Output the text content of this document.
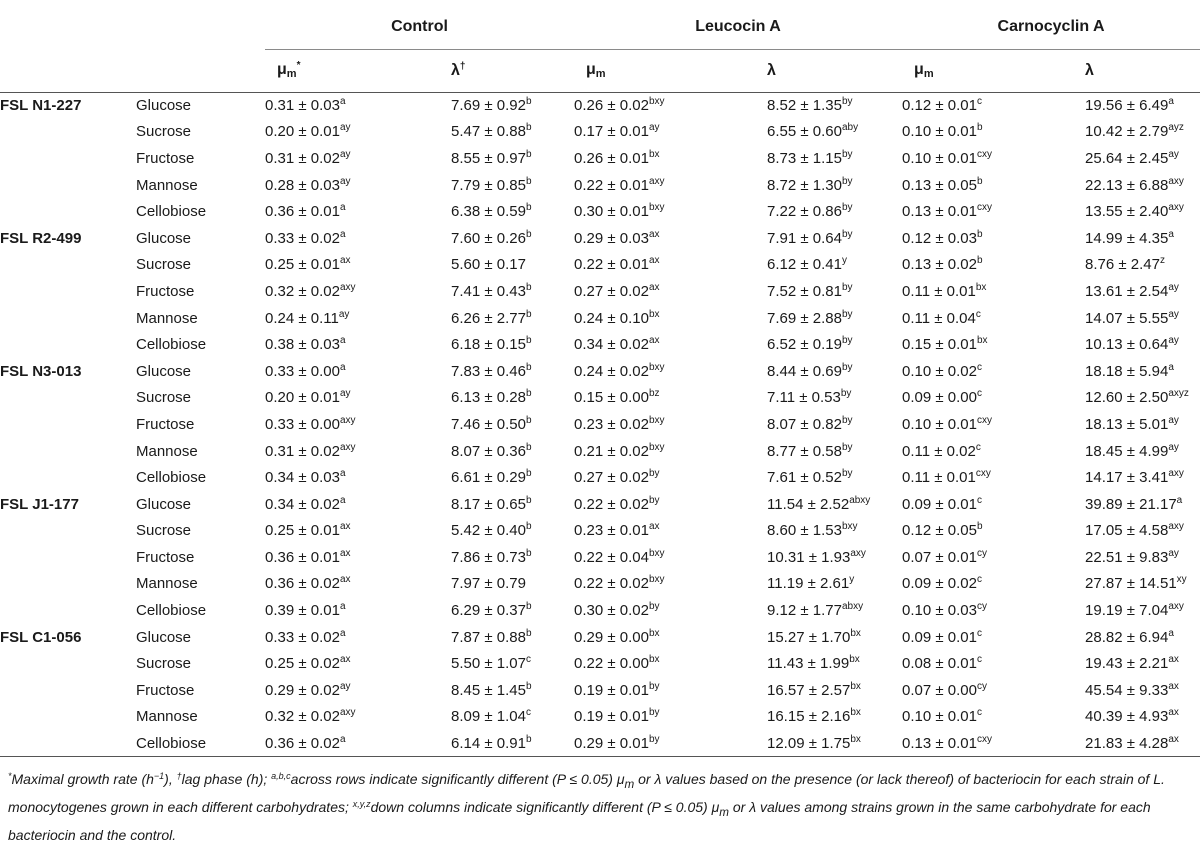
		Control		Leucocin A		Carnocyclin A	
		μm*	λ†	μm	λ	μm	λ
FSL N1-227	Glucose	0.31 ± 0.03$^a$	7.69 ± 0.92$^b$	$0.26 \pm 0.02^{bxy}$	$8.52 \pm 1.35^{by}$	0.12 ± 0.01$^c$	19.56 ± 6.49$^a$
	Sucrose	$0.20 \pm 0.01^{ay}$	5.47 ± 0.88$^b$	$0.17 \pm 0.01^{ay}$	$6.55 \pm 0.60^{aby}$	0.10 ± 0.01$^b$	$10.42 \pm 2.79^{ayz}$
	Fructose	$0.31 \pm 0.02^{ay}$	8.55 ± 0.97$^b$	$0.26 \pm 0.01^{bx}$	$8.73 \pm 1.15^{by}$	$0.10 \pm 0.01^{cxy}$	$25.64 \pm 2.45^{ay}$
	Mannose	$0.28 \pm 0.03^{ay}$	7.79 ± 0.85$^b$	$0.22 \pm 0.01^{axy}$	$8.72 \pm 1.30^{by}$	0.13 ± 0.05$^b$	$22.13 \pm 6.88^{axy}$
	Cellobiose	0.36 ± 0.01$^a$	6.38 ± 0.59$^b$	$0.30 \pm 0.01^{bxy}$	$7.22 \pm 0.86^{by}$	$0.13 \pm 0.01^{cxy}$	$13.55 \pm 2.40^{axy}$
FSL R2-499	Glucose	0.33 ± 0.02$^a$	7.60 ± 0.26$^b$	$0.29 \pm 0.03^{ax}$	$7.91 \pm 0.64^{by}$	0.12 ± 0.03$^b$	14.99 ± 4.35$^a$
	Sucrose	$0.25 \pm 0.01^{ax}$	5.60 ± 0.17	$0.22 \pm 0.01^{ax}$	$6.12 \pm 0.41^y$	0.13 ± 0.02$^b$	$8.76 \pm 2.47^z$
	Fructose	$0.32 \pm 0.02^{axy}$	7.41 ± 0.43$^b$	$0.27 \pm 0.02^{ax}$	$7.52 \pm 0.81^{by}$	$0.11 \pm 0.01^{bx}$	$13.61 \pm 2.54^{ay}$
	Mannose	$0.24 \pm 0.11^{ay}$	6.26 ± 2.77$^b$	$0.24 \pm 0.10^{bx}$	$7.69 \pm 2.88^{by}$	0.11 ± 0.04$^c$	$14.07 \pm 5.55^{ay}$
	Cellobiose	0.38 ± 0.03$^a$	6.18 ± 0.15$^b$	$0.34 \pm 0.02^{ax}$	$6.52 \pm 0.19^{by}$	$0.15 \pm 0.01^{bx}$	$10.13 \pm 0.64^{ay}$
FSL N3-013	Glucose	0.33 ± 0.00$^a$	7.83 ± 0.46$^b$	$0.24 \pm 0.02^{bxy}$	$8.44 \pm 0.69^{by}$	0.10 ± 0.02$^c$	18.18 ± 5.94$^a$
	Sucrose	$0.20 \pm 0.01^{ay}$	6.13 ± 0.28$^b$	$0.15 \pm 0.00^{bz}$	$7.11 \pm 0.53^{by}$	0.09 ± 0.00$^c$	$12.60 \pm 2.50^{axyz}$
	Fructose	$0.33 \pm 0.00^{axy}$	7.46 ± 0.50$^b$	$0.23 \pm 0.02^{bxy}$	$8.07 \pm 0.82^{by}$	$0.10 \pm 0.01^{cxy}$	$18.13 \pm 5.01^{ay}$
	Mannose	$0.31 \pm 0.02^{axy}$	8.07 ± 0.36$^b$	$0.21 \pm 0.02^{bxy}$	$8.77 \pm 0.58^{by}$	0.11 ± 0.02$^c$	$18.45 \pm 4.99^{ay}$
	Cellobiose	0.34 ± 0.03$^a$	6.61 ± 0.29$^b$	$0.27 \pm 0.02^{by}$	$7.61 \pm 0.52^{by}$	$0.11 \pm 0.01^{cxy}$	$14.17 \pm 3.41^{axy}$
FSL J1-177	Glucose	0.34 ± 0.02$^a$	8.17 ± 0.65$^b$	$0.22 \pm 0.02^{by}$	$11.54 \pm 2.52^{abxy}$	0.09 ± 0.01$^c$	39.89 ± 21.17$^a$
	Sucrose	$0.25 \pm 0.01^{ax}$	5.42 ± 0.40$^b$	$0.23 \pm 0.01^{ax}$	$8.60 \pm 1.53^{bxy}$	0.12 ± 0.05$^b$	$17.05 \pm 4.58^{axy}$
	Fructose	$0.36 \pm 0.01^{ax}$	7.86 ± 0.73$^b$	$0.22 \pm 0.04^{bxy}$	$10.31 \pm 1.93^{axy}$	$0.07 \pm 0.01^{cy}$	$22.51 \pm 9.83^{ay}$
	Mannose	$0.36 \pm 0.02^{ax}$	7.97 ± 0.79	$0.22 \pm 0.02^{bxy}$	$11.19 \pm 2.61^y$	0.09 ± 0.02$^c$	$27.87 \pm 14.51^{xy}$
	Cellobiose	0.39 ± 0.01$^a$	6.29 ± 0.37$^b$	$0.30 \pm 0.02^{by}$	$9.12 \pm 1.77^{abxy}$	$0.10 \pm 0.03^{cy}$	$19.19 \pm 7.04^{axy}$
FSL C1-056	Glucose	0.33 ± 0.02$^a$	7.87 ± 0.88$^b$	$0.29 \pm 0.00^{bx}$	$15.27 \pm 1.70^{bx}$	0.09 ± 0.01$^c$	28.82 ± 6.94$^a$
	Sucrose	$0.25 \pm 0.02^{ax}$	5.50 ± 1.07$^c$	$0.22 \pm 0.00^{bx}$	$11.43 \pm 1.99^{bx}$	0.08 ± 0.01$^c$	$19.43 \pm 2.21^{ax}$
	Fructose	$0.29 \pm 0.02^{ay}$	8.45 ± 1.45$^b$	$0.19 \pm 0.01^{by}$	$16.57 \pm 2.57^{bx}$	$0.07 \pm 0.00^{cy}$	$45.54 \pm 9.33^{ax}$
	Mannose	$0.32 \pm 0.02^{axy}$	8.09 ± 1.04$^c$	$0.19 \pm 0.01^{by}$	$16.15 \pm 2.16^{bx}$	0.10 ± 0.01$^c$	$40.39 \pm 4.93^{ax}$
	Cellobiose	0.36 ± 0.02$^a$	6.14 ± 0.91$^b$	$0.29 \pm 0.01^{by}$	$12.09 \pm 1.75^{bx}$	$0.13 \pm 0.01^{cxy}$	$21.83 \pm 4.28^{ax}$
*Maximal growth rate $(h^{-1})$, †lag phase (h); $^{a,b,c}$across rows indicate significantly different (P ≤ 0.05) $\mu_m$ or λ values based on the presence (or lack thereof) of bacteriocin for each strain of L. monocytogenes grown in each different carbohydrates; $^{x,y,z}$down columns indicate significantly different (P ≤ 0.05) $\mu_m$ or λ values among strains grown in the same carbohydrate for each bacteriocin and the control.
